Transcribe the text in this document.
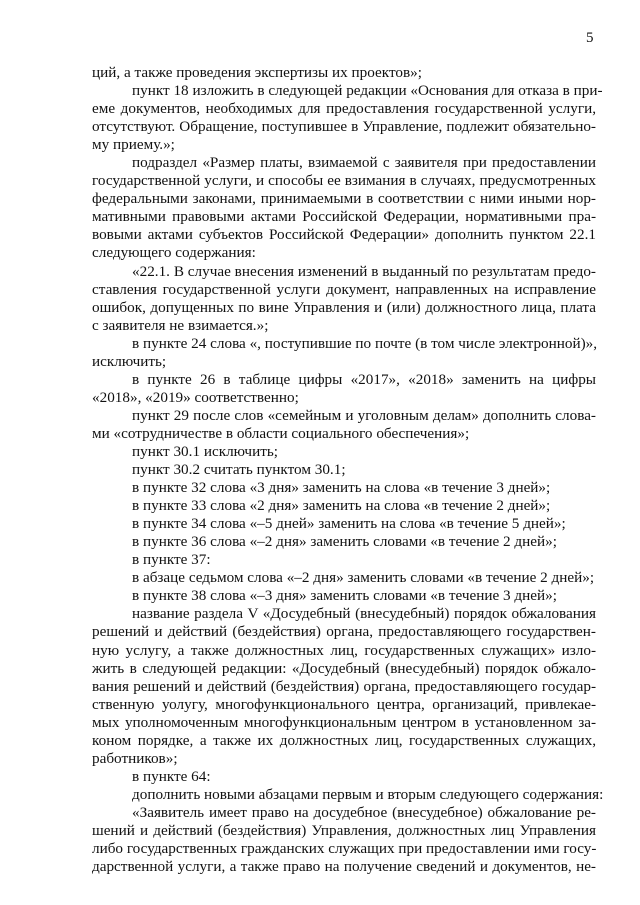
5
ций, а также проведения экспертизы их проектов»;
пункт 18 изложить в следующей редакции «Основания для отказа в при-
еме документов, необходимых для предоставления государственной услуги,
отсутствуют. Обращение, поступившее в Управление, подлежит обязательно-
му приему.»;
подраздел «Размер платы, взимаемой с заявителя при предоставлении
государственной услуги, и способы ее взимания в случаях, предусмотренных
федеральными законами, принимаемыми в соответствии с ними иными нор-
мативными правовыми актами Российской Федерации, нормативными пра-
вовыми актами субъектов Российской Федерации» дополнить пунктом 22.1
следующего содержания:
«22.1. В случае внесения изменений в выданный по результатам предо-
ставления государственной услуги документ, направленных на исправление
ошибок, допущенных по вине Управления и (или) должностного лица, плата
с заявителя не взимается.»;
в пункте 24 слова «, поступившие по почте (в том числе электронной)»,
исключить;
в пункте 26 в таблице цифры «2017», «2018» заменить на цифры
«2018», «2019» соответственно;
пункт 29 после слов «семейным и уголовным делам» дополнить слова-
ми «сотрудничестве в области социального обеспечения»;
пункт 30.1 исключить;
пункт 30.2 считать пунктом 30.1;
в пункте 32 слова «3 дня» заменить на слова «в течение 3 дней»;
в пункте 33 слова «2 дня» заменить на слова «в течение 2 дней»;
в пункте 34 слова «–5 дней» заменить на слова «в течение 5 дней»;
в пункте 36 слова «–2 дня» заменить словами «в течение 2 дней»;
в пункте 37:
в абзаце седьмом слова «–2 дня» заменить словами «в течение 2 дней»;
в пункте 38 слова «–3 дня» заменить словами «в течение 3 дней»;
название раздела V «Досудебный (внесудебный) порядок обжалования
решений и действий (бездействия) органа, предоставляющего государствен-
ную услугу, а также должностных лиц, государственных служащих» изло-
жить в следующей редакции: «Досудебный (внесудебный) порядок обжало-
вания решений и действий (бездействия) органа, предоставляющего государ-
ственную уолугу, многофункционального центра, организаций, привлекае-
мых уполномоченным многофункциональным центром в установленном за-
коном порядке, а также их должностных лиц, государственных служащих,
работников»;
в пункте 64:
дополнить новыми абзацами первым и вторым следующего содержания:
«Заявитель имеет право на досудебное (внесудебное) обжалование ре-
шений и действий (бездействия) Управления, должностных лиц Управления
либо государственных гражданских служащих при предоставлении ими госу-
дарственной услуги, а также право на получение сведений и документов, не-
